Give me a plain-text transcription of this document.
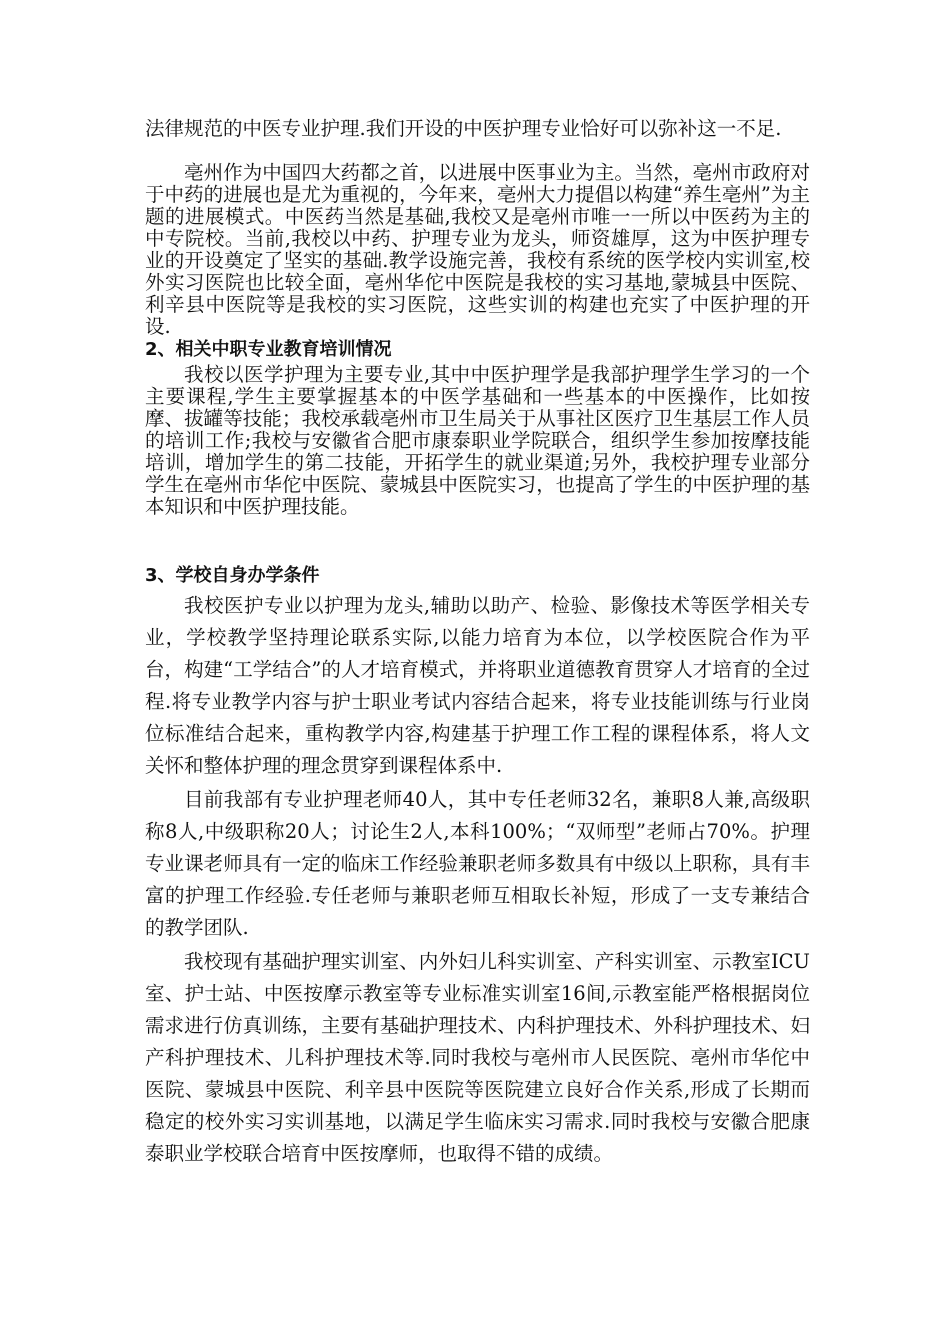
法律规范的中医专业护理.我们开设的中医护理专业恰好可以弥补这一不足.

亳州作为中国四大药都之首，以进展中医事业为主。当然，亳州市政府对于中药的进展也是尤为重视的，今年来，亳州大力提倡以构建“养生亳州”为主题的进展模式。中医药当然是基础,我校又是亳州市唯一一所以中医药为主的中专院校。当前,我校以中药、护理专业为龙头，师资雄厚，这为中医护理专业的开设奠定了坚实的基础.教学设施完善，我校有系统的医学校内实训室,校外实习医院也比较全面，亳州华佗中医院是我校的实习基地,蒙城县中医院、利辛县中医院等是我校的实习医院，这些实训的构建也充实了中医护理的开设.

2、相关中职专业教育培训情况

我校以医学护理为主要专业,其中中医护理学是我部护理学生学习的一个主要课程,学生主要掌握基本的中医学基础和一些基本的中医操作，比如按摩、拔罐等技能；我校承载亳州市卫生局关于从事社区医疗卫生基层工作人员的培训工作;我校与安徽省合肥市康泰职业学院联合，组织学生参加按摩技能培训，增加学生的第二技能，开拓学生的就业渠道;另外，我校护理专业部分学生在亳州市华佗中医院、蒙城县中医院实习，也提高了学生的中医护理的基本知识和中医护理技能。

3、学校自身办学条件

我校医护专业以护理为龙头,辅助以助产、检验、影像技术等医学相关专业，学校教学坚持理论联系实际,以能力培育为本位，以学校医院合作为平台，构建“工学结合”的人才培育模式，并将职业道德教育贯穿人才培育的全过程.将专业教学内容与护士职业考试内容结合起来，将专业技能训练与行业岗位标准结合起来，重构教学内容,构建基于护理工作工程的课程体系，将人文关怀和整体护理的理念贯穿到课程体系中.

目前我部有专业护理老师40人，其中专任老师32名，兼职8人兼,高级职称8人,中级职称20人；讨论生2人,本科100%；“双师型”老师占70%。护理专业课老师具有一定的临床工作经验兼职老师多数具有中级以上职称，具有丰富的护理工作经验.专任老师与兼职老师互相取长补短，形成了一支专兼结合的教学团队.

我校现有基础护理实训室、内外妇儿科实训室、产科实训室、示教室ICU室、护士站、中医按摩示教室等专业标准实训室16间,示教室能严格根据岗位需求进行仿真训练，主要有基础护理技术、内科护理技术、外科护理技术、妇产科护理技术、儿科护理技术等.同时我校与亳州市人民医院、亳州市华佗中医院、蒙城县中医院、利辛县中医院等医院建立良好合作关系,形成了长期而稳定的校外实习实训基地，以满足学生临床实习需求.同时我校与安徽合肥康泰职业学校联合培育中医按摩师，也取得不错的成绩。
